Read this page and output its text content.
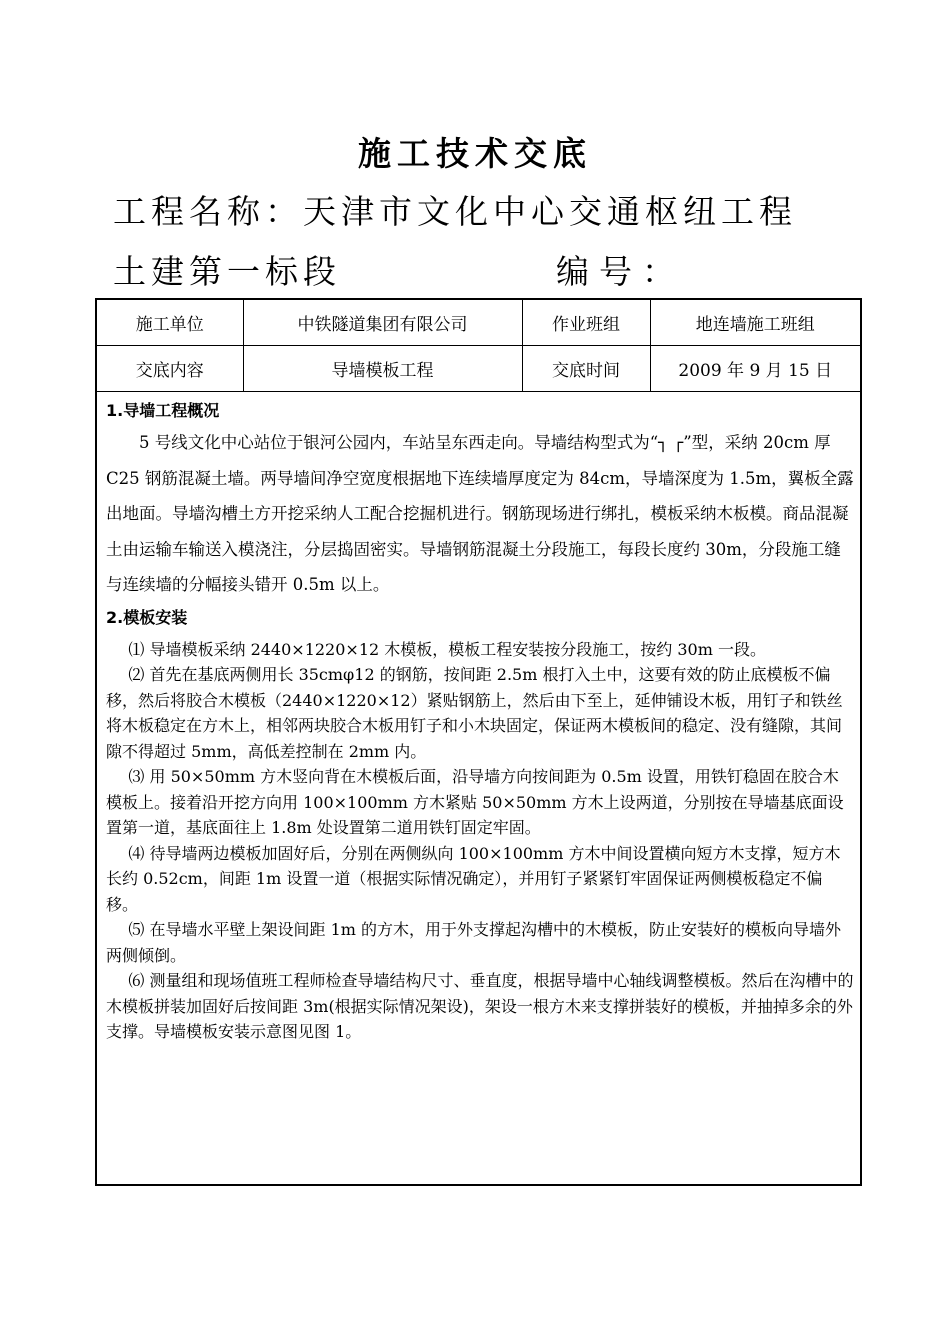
施工技术交底
工程名称：天津市文化中心交通枢纽工程
土建第一标段	编号：
施工单位	中铁隧道集团有限公司	作业班组	地连墙施工班组
交底内容	导墙模板工程	交底时间	2009 年 9 月 15 日
1.导墙工程概况

5 号线文化中心站位于银河公园内，车站呈东西走向。导墙结构型式为“┐ ┌”型，采纳 20cm 厚 C25 钢筋混凝土墙。两导墙间净空宽度根据地下连续墙厚度定为 84cm，导墙深度为 1.5m，翼板全露出地面。导墙沟槽土方开挖采纳人工配合挖掘机进行。钢筋现场进行绑扎，模板采纳木板模。商品混凝土由运输车输送入模浇注，分层捣固密实。导墙钢筋混凝土分段施工，每段长度约 30m，分段施工缝与连续墙的分幅接头错开 0.5m 以上。

2.模板安装

⑴ 导墙模板采纳 2440×1220×12 木模板，模板工程安装按分段施工，按约 30m 一段。

⑵ 首先在基底两侧用长 35cmφ12 的钢筋，按间距 2.5m 根打入土中，这要有效的防止底模板不偏移，然后将胶合木模板（2440×1220×12）紧贴钢筋上，然后由下至上，延伸铺设木板，用钉子和铁丝将木板稳定在方木上，相邻两块胶合木板用钉子和小木块固定，保证两木模板间的稳定、没有缝隙，其间隙不得超过 5mm，高低差控制在 2mm 内。

⑶ 用 50×50mm 方木竖向背在木模板后面，沿导墙方向按间距为 0.5m 设置，用铁钉稳固在胶合木模板上。接着沿开挖方向用 100×100mm 方木紧贴 50×50mm 方木上设两道，分别按在导墙基底面设置第一道，基底面往上 1.8m 处设置第二道用铁钉固定牢固。

⑷ 待导墙两边模板加固好后，分别在两侧纵向 100×100mm 方木中间设置横向短方木支撑，短方木长约 0.52cm，间距 1m 设置一道（根据实际情况确定），并用钉子紧紧钉牢固保证两侧模板稳定不偏移。

⑸ 在导墙水平壁上架设间距 1m 的方木，用于外支撑起沟槽中的木模板，防止安装好的模板向导墙外两侧倾倒。

⑹ 测量组和现场值班工程师检查导墙结构尺寸、垂直度，根据导墙中心轴线调整模板。然后在沟槽中的木模板拼装加固好后按间距 3m(根据实际情况架设)，架设一根方木来支撑拼装好的模板，并抽掉多余的外支撑。导墙模板安装示意图见图 1。
